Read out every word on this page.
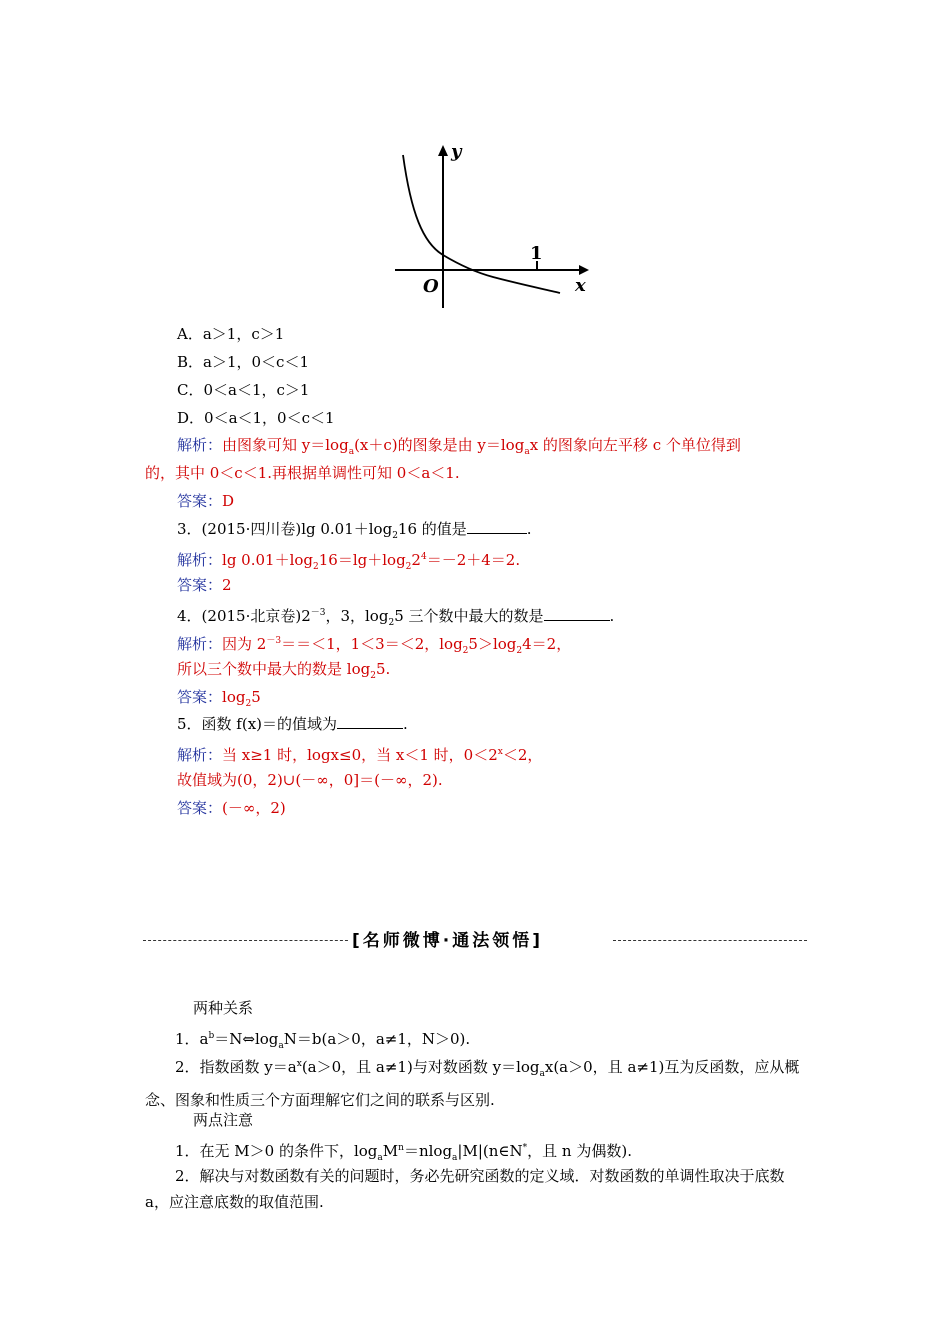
y
x
O
1
A．a＞1，c＞1
B．a＞1，0＜c＜1
C．0＜a＜1，c＞1
D．0＜a＜1，0＜c＜1
解析：由图象可知 $y=\log_a(x+c)$的图象是由 $y=\log_ax$ 的图象向左平移 c 个单位得到
的，其中 0＜c＜1.再根据单调性可知 0＜a＜1.
答案：D
3．(2015·四川卷)lg $0.01+\log_216$ 的值是	.
解析：$\lg 0.01+\log_216=\lg+\log_22^4=-2+4=2$.
答案：2
4．(2015·北京卷)$2^{-3}$，3，$\log_25$ 三个数中最大的数是	.
解析：因为 $2^{-3}==<1$，1＜3＝＜2，$\log_25>\log_24=2$，
所以三个数中最大的数是 $\log_25$.
答案：$\log_25$
5．函数 f(x)＝的值域为	.
解析：当 x≥1 时，logx≤0，当 x＜1 时，$0<2^x<2$，
故值域为(0，2)∪(－∞，0]＝(－∞，2).
答案：(－∞，2)
[名师微博·通法领悟]
两种关系
1．$a^b=N\Leftrightarrow\log_aN=b(a>0$，a≠1，N＞0).
2．指数函数 $y=a^x(a>0$，且 a≠1)与对数函数 $y=\log_ax(a>0$，且 a≠1)互为反函数，应从概念、图象和性质三个方面理解它们之间的联系与区别.
两点注意
1．在无 M＞0 的条件下，$\log_aM^n=nlog_a|M|(n\in N^*$，且 n 为偶数).
2．解决与对数函数有关的问题时，务必先研究函数的定义域．对数函数的单调性取决于底数 a，应注意底数的取值范围.
